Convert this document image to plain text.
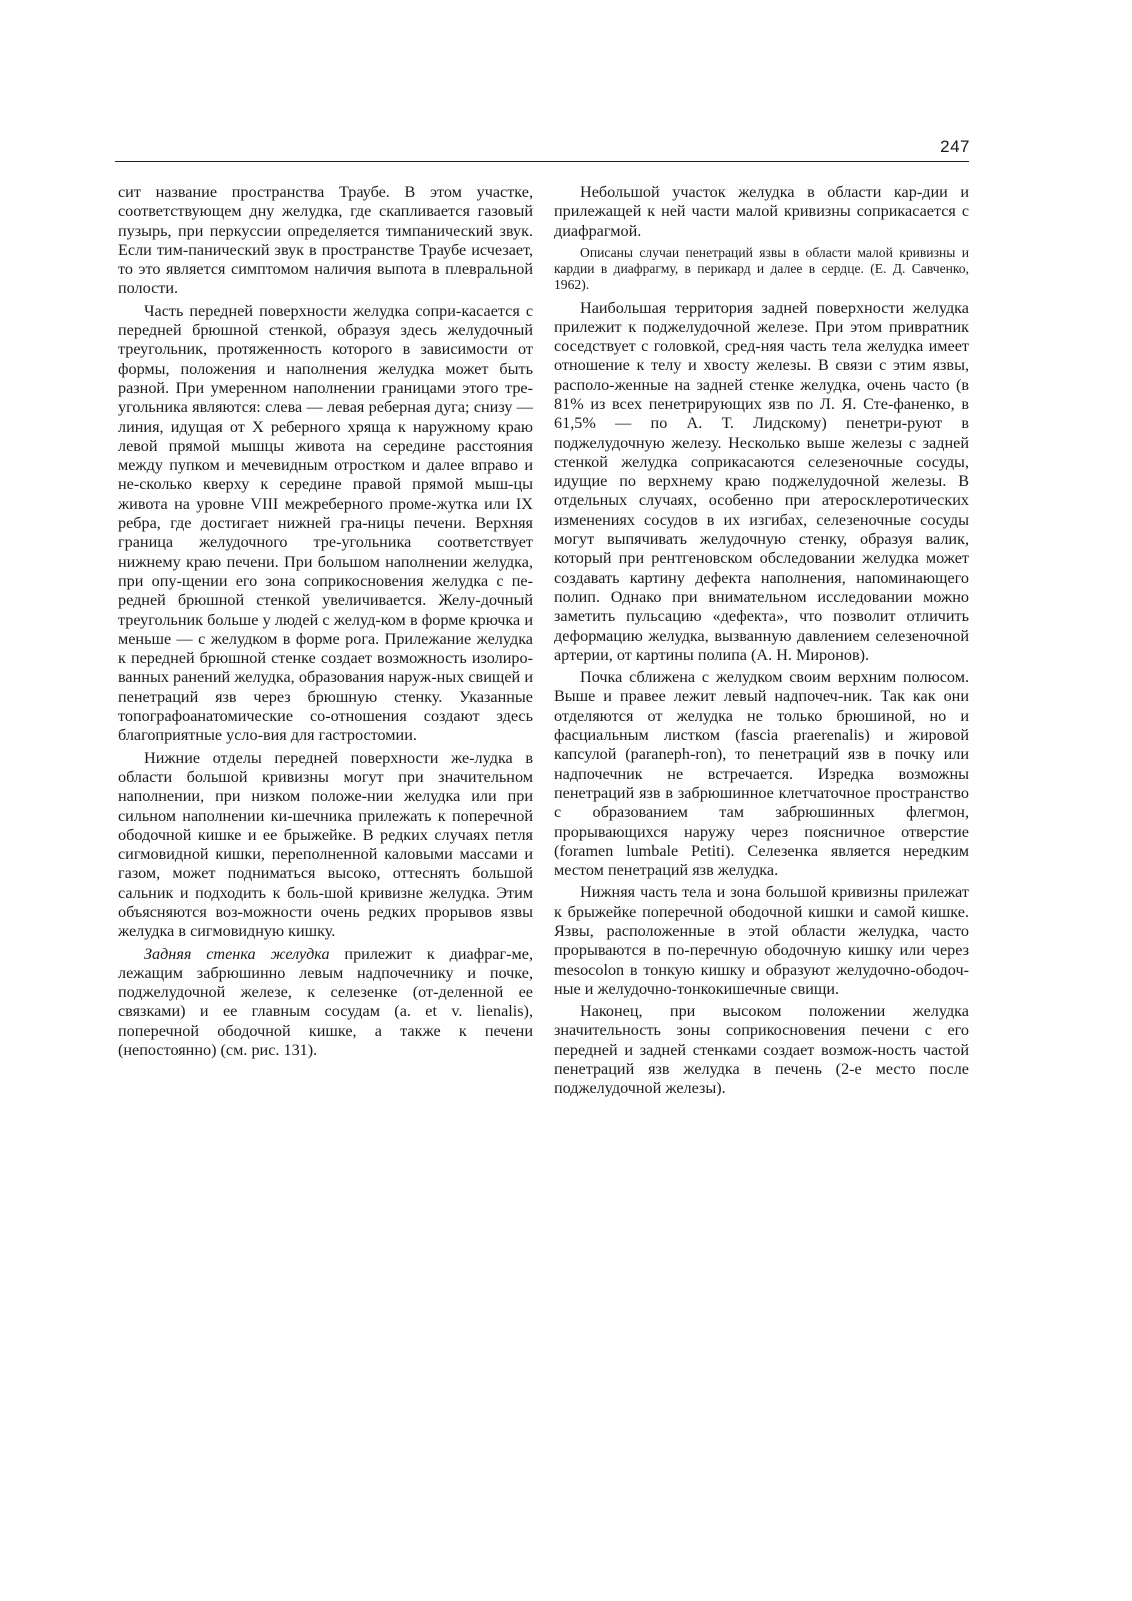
247

сит название пространства Траубе. В этом участке, соответствующем дну желудка, где скапливается газовый пузырь, при перкуссии определяется тимпанический звук. Если тим-панический звук в пространстве Траубе исчезает, то это является симптомом наличия выпота в плевральной полости.

Часть передней поверхности желудка сопри-касается с передней брюшной стенкой, образуя здесь желудочный треугольник, протяженность которого в зависимости от формы, положения и наполнения желудка может быть разной. При умеренном наполнении границами этого тре-угольника являются: слева — левая реберная дуга; снизу — линия, идущая от X реберного хряща к наружному краю левой прямой мышцы живота на середине расстояния между пупком и мечевидным отростком и далее вправо и не-сколько кверху к середине правой прямой мыш-цы живота на уровне VIII межреберного проме-жутка или IX ребра, где достигает нижней гра-ницы печени. Верхняя граница желудочного тре-угольника соответствует нижнему краю печени. При большом наполнении желудка, при опу-щении его зона соприкосновения желудка с пе-редней брюшной стенкой увеличивается. Желу-дочный треугольник больше у людей с желуд-ком в форме крючка и меньше — с желудком в форме рога. Прилежание желудка к передней брюшной стенке создает возможность изолиро-ванных ранений желудка, образования наруж-ных свищей и пенетраций язв через брюшную стенку. Указанные топографоанатомические со-отношения создают здесь благоприятные усло-вия для гастростомии.

Нижние отделы передней поверхности же-лудка в области большой кривизны могут при значительном наполнении, при низком положе-нии желудка или при сильном наполнении ки-шечника прилежать к поперечной ободочной кишке и ее брыжейке. В редких случаях петля сигмовидной кишки, переполненной каловыми массами и газом, может подниматься высоко, оттеснять большой сальник и подходить к боль-шой кривизне желудка. Этим объясняются воз-можности очень редких прорывов язвы желудка в сигмовидную кишку.

Задняя стенка желудка прилежит к диафраг-ме, лежащим забрюшинно левым надпочечнику и почке, поджелудочной железе, к селезенке (от-деленной ее связками) и ее главным сосудам (a. et v. lienalis), поперечной ободочной кишке, а также к печени (непостоянно) (см. рис. 131).

Небольшой участок желудка в области кар-дии и прилежащей к ней части малой кривизны соприкасается с диафрагмой.

Описаны случаи пенетраций язвы в области малой кривизны и кардии в диафрагму, в перикард и далее в сердце. (Е. Д. Савченко, 1962).

Наибольшая территория задней поверхности желудка прилежит к поджелудочной железе. При этом привратник соседствует с головкой, сред-няя часть тела желудка имеет отношение к телу и хвосту железы. В связи с этим язвы, располо-женные на задней стенке желудка, очень часто (в 81% из всех пенетрирующих язв по Л. Я. Сте-фаненко, в 61,5% — по А. Т. Лидскому) пенетри-руют в поджелудочную железу. Несколько выше железы с задней стенкой желудка соприкасаются селезеночные сосуды, идущие по верхнему краю поджелудочной железы. В отдельных случаях, особенно при атеросклеротических изменениях сосудов в их изгибах, селезеночные сосуды могут выпячивать желудочную стенку, образуя валик, который при рентгеновском обследовании желудка может создавать картину дефекта наполнения, напоминающего полип. Однако при внимательном исследовании можно заметить пульсацию «дефекта», что позволит отличить деформацию желудка, вызванную давлением селезеночной артерии, от картины полипа (А. Н. Миронов).

Почка сближена с желудком своим верхним полюсом. Выше и правее лежит левый надпочеч-ник. Так как они отделяются от желудка не только брюшиной, но и фасциальным листком (fascia praerenalis) и жировой капсулой (paraneph-ron), то пенетраций язв в почку или надпочечник не встречается. Изредка возможны пенетраций язв в забрюшинное клетчаточное пространство с образованием там забрюшинных флегмон, прорывающихся наружу через поясничное отверстие (foramen lumbale Petiti). Селезенка является нередким местом пенетраций язв желудка.

Нижняя часть тела и зона большой кривизны прилежат к брыжейке поперечной ободочной кишки и самой кишке. Язвы, расположенные в этой области желудка, часто прорываются в по-перечную ободочную кишку или через mesocolon в тонкую кишку и образуют желудочно-ободоч-ные и желудочно-тонкокишечные свищи.

Наконец, при высоком положении желудка значительность зоны соприкосновения печени с его передней и задней стенками создает возмож-ность частой пенетраций язв желудка в печень (2-е место после поджелудочной железы).
